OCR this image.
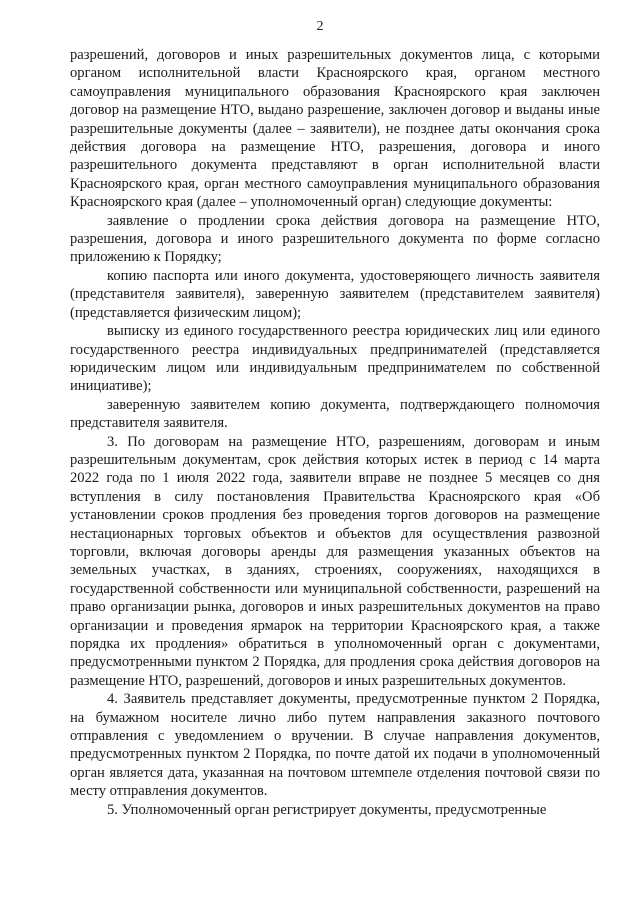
2

разрешений, договоров и иных разрешительных документов лица, с которыми органом исполнительной власти Красноярского края, органом местного самоуправления муниципального образования Красноярского края заключен договор на размещение НТО, выдано разрешение, заключен договор и выданы иные разрешительные документы (далее – заявители), не позднее даты окончания срока действия договора на размещение НТО, разрешения, договора и иного разрешительного документа представляют в орган исполнительной власти Красноярского края, орган местного самоуправления муниципального образования Красноярского края (далее – уполномоченный орган) следующие документы:

заявление о продлении срока действия договора на размещение НТО, разрешения, договора и иного разрешительного документа по форме согласно приложению к Порядку;

копию паспорта или иного документа, удостоверяющего личность заявителя (представителя заявителя), заверенную заявителем (представителем заявителя) (представляется физическим лицом);

выписку из единого государственного реестра юридических лиц или единого государственного реестра индивидуальных предпринимателей (представляется юридическим лицом или индивидуальным предпринимателем по собственной инициативе);

заверенную заявителем копию документа, подтверждающего полномочия представителя заявителя.

3. По договорам на размещение НТО, разрешениям, договорам и иным разрешительным документам, срок действия которых истек в период с 14 марта 2022 года по 1 июля 2022 года, заявители вправе не позднее 5 месяцев со дня вступления в силу постановления Правительства Красноярского края «Об установлении сроков продления без проведения торгов договоров на размещение нестационарных торговых объектов и объектов для осуществления развозной торговли, включая договоры аренды для размещения указанных объектов на земельных участках, в зданиях, строениях, сооружениях, находящихся в государственной собственности или муниципальной собственности, разрешений на право организации рынка, договоров и иных разрешительных документов на право организации и проведения ярмарок на территории Красноярского края, а также порядка их продления» обратиться в уполномоченный орган с документами, предусмотренными пунктом 2 Порядка, для продления срока действия договоров на размещение НТО, разрешений, договоров и иных разрешительных документов.

4. Заявитель представляет документы, предусмотренные пунктом 2 Порядка, на бумажном носителе лично либо путем направления заказного почтового отправления с уведомлением о вручении. В случае направления документов, предусмотренных пунктом 2 Порядка, по почте датой их подачи в уполномоченный орган является дата, указанная на почтовом штемпеле отделения почтовой связи по месту отправления документов.

5. Уполномоченный орган регистрирует документы, предусмотренные
